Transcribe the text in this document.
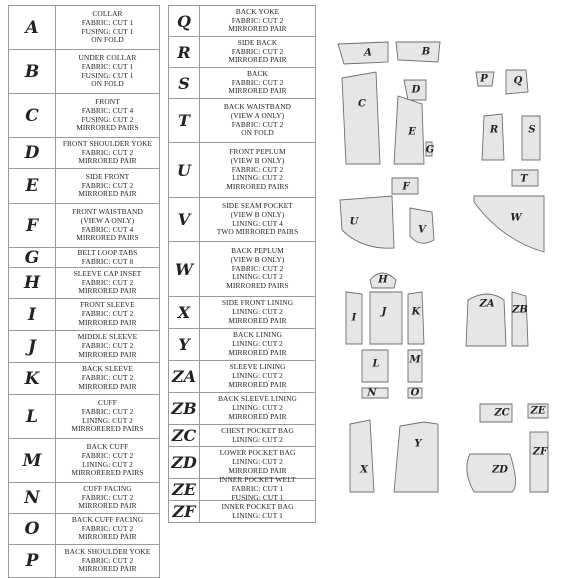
A
COLLAR
FABRIC: CUT 1
FUSING: CUT 1
ON FOLD
B
UNDER COLLAR
FABRIC: CUT 1
FUSING: CUT 1
ON FOLD
C
FRONT
FABRIC: CUT 4
FUSING: CUT 2
MIRRORED PAIRS
D	FRONT SHOULDER YOKE
FABRIC: CUT 2
MIRRORED PAIR
E	SIDE FRONT
FABRIC: CUT 2
MIRRORED PAIR
F
FRONT WAISTBAND
(VIEW A ONLY)
FABRIC: CUT 4
MIRRORED PAIRS
G	BELT LOOP TABS
FABRIC: CUT 8
H	SLEEVE CAP INSET
FABRIC: CUT 2
MIRRORED PAIR
I	FRONT SLEEVE
FABRIC: CUT 2
MIRRORED PAIR
J	MIDDLE SLEEVE
FABRIC: CUT 2
MIRRORED PAIR
K	BACK SLEEVE
FABRIC: CUT 2
MIRRORED PAIR
L
CUFF
FABRIC: CUT 2
LINING: CUT 2
MIRRORERED PAIRS
M
BACK CUFF
FABRIC: CUT 2
LINING: CUT 2
MIRRORERED PAIRS
N	CUFF FACING
FABRIC: CUT 2
MIRRORED PAIR
O	BACK CUFF FACING
FABRIC: CUT 2
MIRRORED PAIR
P	BACK SHOULDER YOKE
FABRIC: CUT 2
MIRRORED PAIR
Q
BACK YOKE
FABRIC: CUT 2
MIRRORED PAIR
R
SIDE BACK
FABRIC: CUT 2
MIRRORED PAIR
S
BACK
FABRIC: CUT 2
MIRRORED PAIR
T
BACK WAISTBAND
(VIEW A ONLY)
FABRIC: CUT 2
ON FOLD
U
FRONT PEPLUM
(VIEW B ONLY)
FABRIC: CUT 2
LINING: CUT 2
MIRRORED PAIRS
V
SIDE SEAM POCKET
(VIEW B ONLY)
LINING: CUT 4
TWO MIRRORED PAIRS
W
BACK PEPLUM
(VIEW B ONLY)
FABRIC: CUT 2
LINING: CUT 2
MIRRORED PAIRS
X
SIDE FRONT LINING
LINING: CUT 2
MIRRORED PAIR
Y
BACK LINING
LINING: CUT 2
MIRRORED PAIR
ZA
SLEEVE LINING
LINING: CUT 2
MIRRORED PAIR
ZB
BACK SLEEVE LINING
LINING: CUT 2
MIRRORED PAIR
ZC	CHEST POCKET BAG
LINING: CUT 2
ZD
LOWER POCKET BAG
LINING: CUT 2
MIRRORED PAIR
ZE
INNER POCKET WELT
FABRIC: CUT 1
FUSING: CUT 1
ZF	INNER POCKET BAG
LINING: CUT 1
A	B
C
D
E
G
P	Q
R	S
F
T
U
V
W
H
I
J	K
L	M
N	O
ZA
ZB
X
Y
ZC ZE
ZD
ZF
